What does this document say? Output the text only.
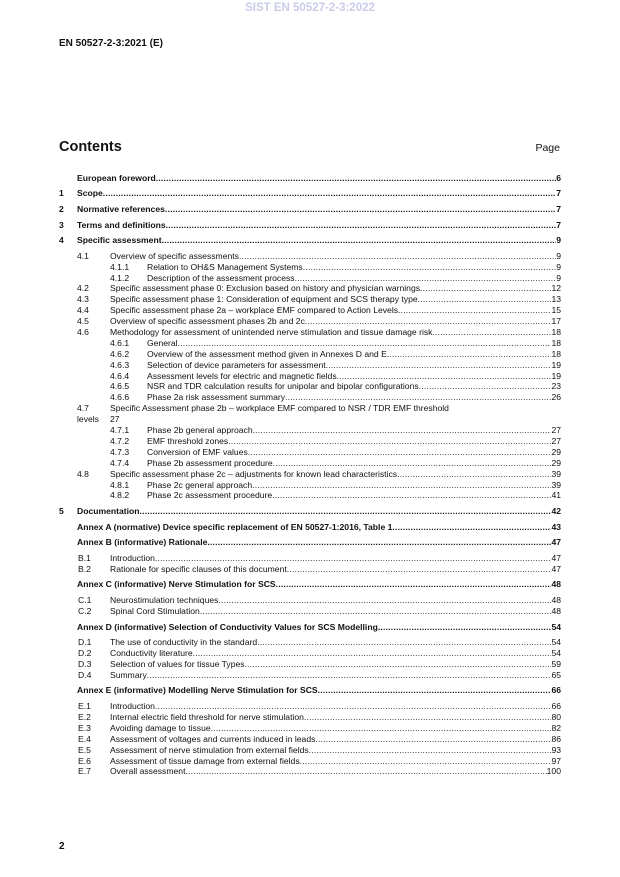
SIST EN 50527-2-3:2022
EN 50527-2-3:2021 (E)
Contents	Page
European foreword .....	6
1	Scope .....	7
2	Normative references .....	7
3	Terms and definitions .....	7
4	Specific assessment .....	9
4.1	Overview of specific assessments .....	9
4.1.1	Relation to OH&S Management Systems .....	9
4.1.2	Description of the assessment process .....	9
4.2	Specific assessment phase 0: Exclusion based on history and physician warnings .....	12
4.3	Specific assessment phase 1: Consideration of equipment and SCS therapy type .....	13
4.4	Specific assessment phase 2a – workplace EMF compared to Action Levels .....	15
4.5	Overview of specific assessment phases 2b and 2c .....	17
4.6	Methodology for assessment of unintended nerve stimulation and tissue damage risk .....	18
4.6.1	General .....	18
4.6.2	Overview of the assessment method given in Annexes D and E .....	18
4.6.3	Selection of device parameters for assessment .....	19
4.6.4	Assessment levels for electric and magnetic fields .....	19
4.6.5	NSR and TDR calculation results for unipolar and bipolar configurations .....	23
4.6.6	Phase 2a risk assessment summary .....	26
4.7	Specific Assessment phase 2b – workplace EMF compared to NSR / TDR EMF threshold
levels	27
4.7.1	Phase 2b general approach .....	27
4.7.2	EMF threshold zones .....	27
4.7.3	Conversion of EMF values .....	29
4.7.4	Phase 2b assessment procedure .....	29
4.8	Specific assessment phase 2c – adjustments for known lead characteristics .....	39
4.8.1	Phase 2c general approach .....	39
4.8.2	Phase 2c assessment procedure .....	41
5	Documentation .....	42
Annex A (normative) Device specific replacement of EN 50527-1:2016, Table 1 .....	43
Annex B (informative) Rationale .....	47
B.1	Introduction .....	47
B.2	Rationale for specific clauses of this document .....	47
Annex C (informative) Nerve Stimulation for SCS .....	48
C.1	Neurostimulation techniques .....	48
C.2	Spinal Cord Stimulation .....	48
Annex D (informative) Selection of Conductivity Values for SCS Modelling .....	54
D.1	The use of conductivity in the standard .....	54
D.2	Conductivity literature .....	54
D.3	Selection of values for tissue Types .....	59
D.4	Summary .....	65
Annex E (informative) Modelling Nerve Stimulation for SCS .....	66
E.1	Introduction .....	66
E.2	Internal electric field threshold for nerve stimulation .....	80
E.3	Avoiding damage to tissue .....	82
E.4	Assessment of voltages and currents induced in leads .....	86
E.5	Assessment of nerve stimulation from external fields .....	93
E.6	Assessment of tissue damage from external fields .....	97
E.7	Overall assessment .....	100
2
